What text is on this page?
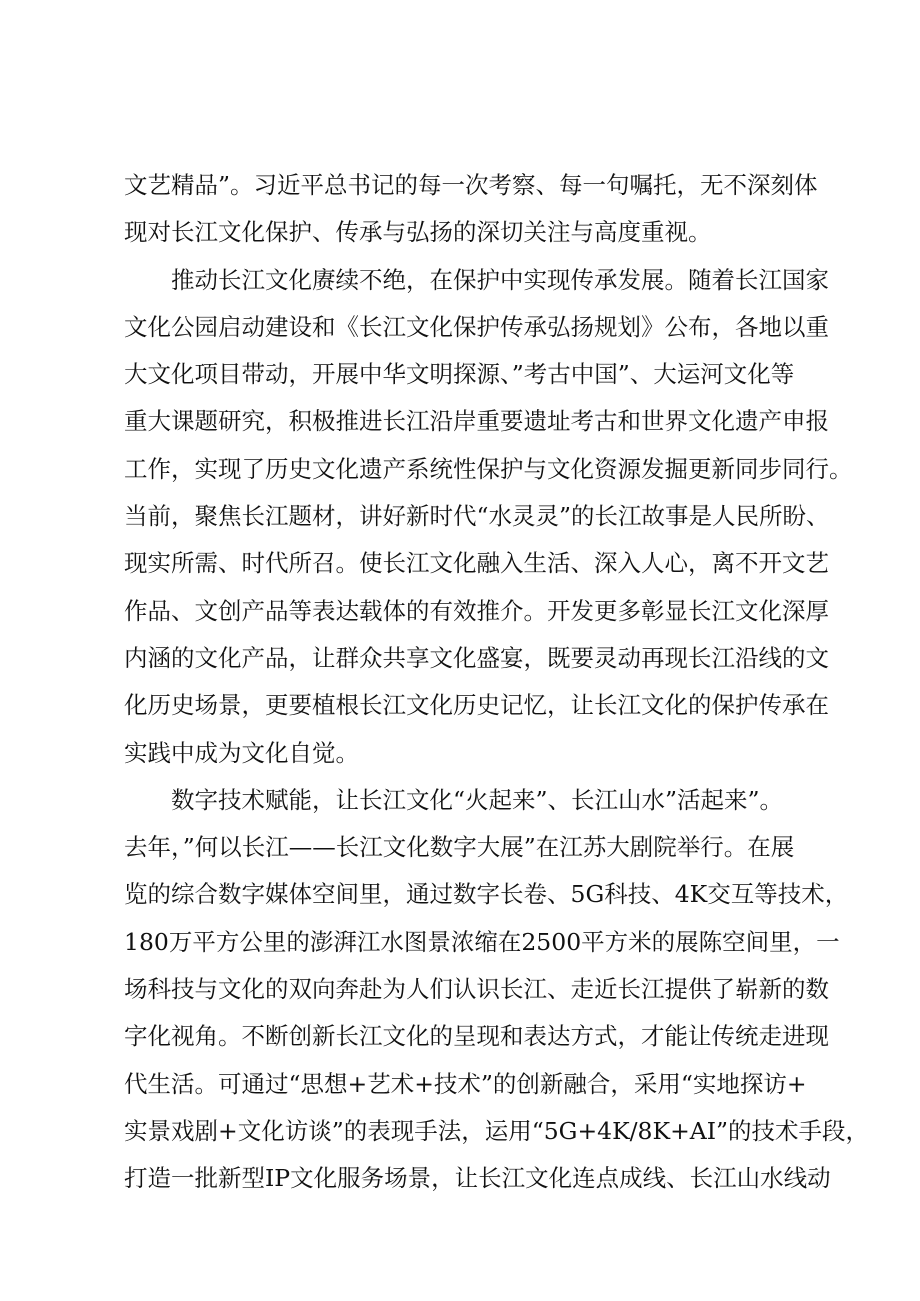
文艺精品”。习近平总书记的每一次考察、每一句嘱托，无不深刻体
现对长江文化保护、传承与弘扬的深切关注与高度重视。
　　推动长江文化赓续不绝，在保护中实现传承发展。随着长江国家
文化公园启动建设和《长江文化保护传承弘扬规划》公布，各地以重
大文化项目带动，开展中华文明探源、”考古中国”、大运河文化等
重大课题研究，积极推进长江沿岸重要遗址考古和世界文化遗产申报
工作，实现了历史文化遗产系统性保护与文化资源发掘更新同步同行。
当前，聚焦长江题材，讲好新时代“水灵灵”的长江故事是人民所盼、
现实所需、时代所召。使长江文化融入生活、深入人心，离不开文艺
作品、文创产品等表达载体的有效推介。开发更多彰显长江文化深厚
内涵的文化产品，让群众共享文化盛宴，既要灵动再现长江沿线的文
化历史场景，更要植根长江文化历史记忆，让长江文化的保护传承在
实践中成为文化自觉。
　　数字技术赋能，让长江文化“火起来”、长江山水”活起来”。
去年，”何以长江——长江文化数字大展”在江苏大剧院举行。在展
览的综合数字媒体空间里，通过数字长卷、5G科技、4K交互等技术，
180万平方公里的澎湃江水图景浓缩在2500平方米的展陈空间里，一
场科技与文化的双向奔赴为人们认识长江、走近长江提供了崭新的数
字化视角。不断创新长江文化的呈现和表达方式，才能让传统走进现
代生活。可通过“思想+艺术+技术”的创新融合，采用“实地探访+
实景戏剧+文化访谈”的表现手法，运用“5G+4K/8K+AI”的技术手段，
打造一批新型IP文化服务场景，让长江文化连点成线、长江山水线动
